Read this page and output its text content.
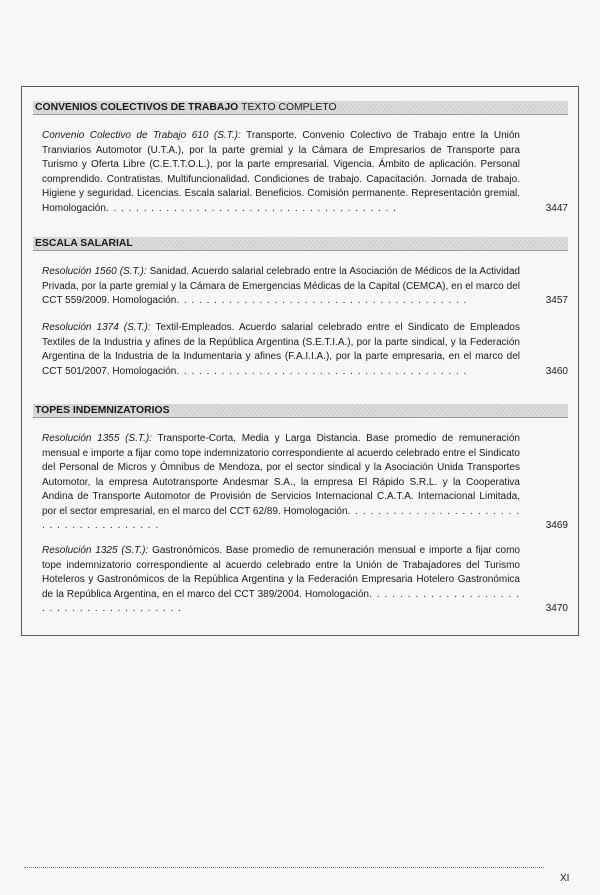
CONVENIOS COLECTIVOS DE TRABAJO TEXTO COMPLETO

Convenio Colectivo de Trabajo 610 (S.T.): Transporte. Convenio Colectivo de Trabajo entre la Unión Tranviarios Automotor (U.T.A.), por la parte gremial y la Cámara de Empresarios de Transporte para Turismo y Oferta Libre (C.E.T.T.O.L.), por la parte empresarial. Vigencia. Ámbito de aplicación. Personal comprendido. Contratistas. Multifuncionalidad. Condiciones de trabajo. Capacitación. Jornada de trabajo. Higiene y seguridad. Licencias. Escala salarial. Beneficios. Comisión permanente. Representación gremial. Homologación. . . . . . . . . . . . . . . . . . . . . . . . . . . . . . . . . . . . . . .	3447
ESCALA SALARIAL

Resolución 1560 (S.T.): Sanidad. Acuerdo salarial celebrado entre la Asociación de Médicos de la Actividad Privada, por la parte gremial y la Cámara de Emergencias Médicas de la Capital (CEMCA), en el marco del CCT 559/2009. Homologación. . . . . . . . . . . . . . . . . . . . . . . . . . . . . . . . . . . . . . .	3457

Resolución 1374 (S.T.): Textil-Empleados. Acuerdo salarial celebrado entre el Sindicato de Empleados Textiles de la Industria y afines de la República Argentina (S.E.T.I.A.), por la parte sindical, y la Federación Argentina de la Industria de la Indumentaria y afines (F.A.I.I.A.), por la parte empresaria, en el marco del CCT 501/2007. Homologación. . . . . . . . . . . . . . . . . . . . . . . . . . . . . . . . . . . . . . .	3460
TOPES INDEMNIZATORIOS

Resolución 1355 (S.T.): Transporte-Corta, Media y Larga Distancia. Base promedio de remuneración mensual e importe a fijar como tope indemnizatorio correspondiente al acuerdo celebrado entre el Sindicato del Personal de Micros y Ómnibus de Mendoza, por el sector sindical y la Asociación Unida Transportes Automotor, la empresa Autotransporte Andesmar S.A., la empresa El Rápido S.R.L. y la Cooperativa Andina de Transporte Automotor de Provisión de Servicios Internacional C.A.T.A. Internacional Limitada, por el sector empresarial, en el marco del CCT 62/89. Homologación. . . . . . . . . . . . . . . . . . . . . . . . . . . . . . . . . . . . . . .	3469

Resolución 1325 (S.T.): Gastronómicos. Base promedio de remuneración mensual e importe a fijar como tope indemnizatorio correspondiente al acuerdo celebrado entre la Unión de Trabajadores del Turismo Hoteleros y Gastronómicos de la República Argentina y la Federación Empresaria Hotelero Gastronómica de la República Argentina, en el marco del CCT 389/2004. Homologación. . . . . . . . . . . . . . . . . . . . . . . . . . . . . . . . . . . . . . .	3470
XI
